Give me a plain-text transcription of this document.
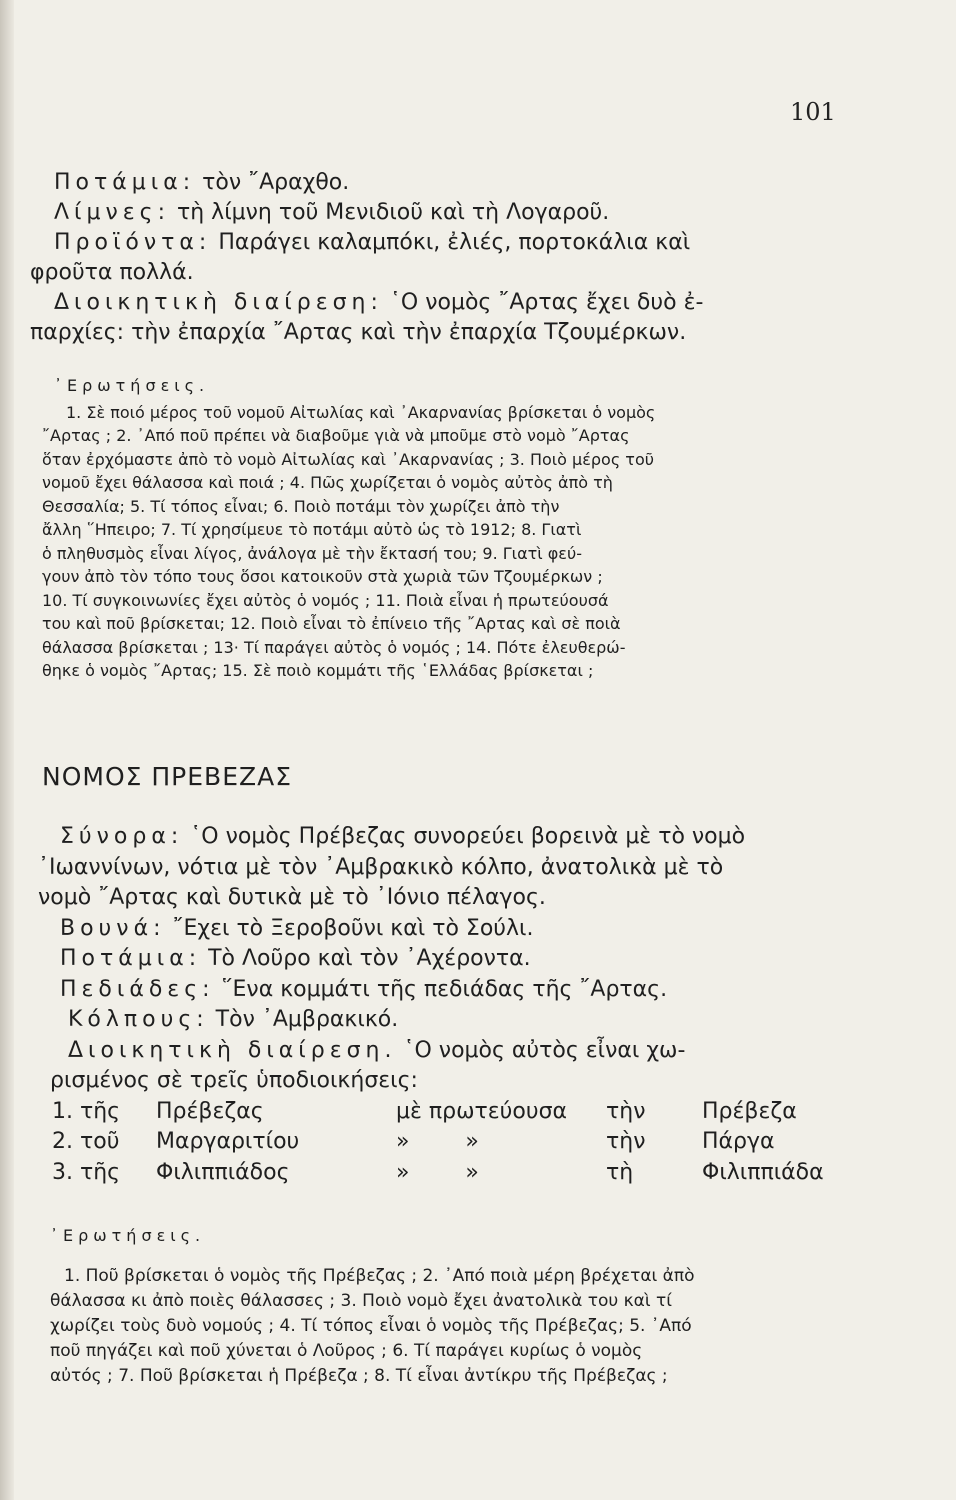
101
Ποτάμια: τὸν ῎Αραχθο.
Λίμνες: τὴ λίμνη τοῦ Μενιδιοῦ καὶ τὴ Λογαροῦ.
Προϊόντα: Παράγει καλαμπόκι, ἐλιές, πορτοκάλια καὶ
φροῦτα πολλά.
Διοικητικὴ διαίρεση: ῾Ο νομὸς ῎Αρτας ἔχει δυὸ ἐ-
παρχίες: τὴν ἐπαρχία ῎Αρτας καὶ τὴν ἐπαρχία Τζουμέρκων.
᾿Ερωτήσεις.
1. Σὲ ποιό μέρος τοῦ νομοῦ Αἰτωλίας καὶ ᾿Ακαρνανίας βρίσκεται ὁ νομὸς
῎Αρτας ; 2. ᾿Από ποῦ πρέπει νὰ διαβοῦμε γιὰ νὰ μποῦμε στὸ νομὸ ῎Αρτας
ὅταν ἐρχόμαστε ἀπὸ τὸ νομὸ Αἰτωλίας καὶ ᾿Ακαρνανίας ; 3. Ποιὸ μέρος τοῦ
νομοῦ ἔχει θάλασσα καὶ ποιά ; 4. Πῶς χωρίζεται ὁ νομὸς αὐτὸς ἀπὸ τὴ
Θεσσαλία; 5. Τί τόπος εἶναι; 6. Ποιὸ ποτάμι τὸν χωρίζει ἀπὸ τὴν
ἄλλη ῞Ηπειρο; 7. Τί χρησίμευε τὸ ποτάμι αὐτὸ ὡς τὸ 1912; 8. Γιατὶ
ὁ πληθυσμὸς εἶναι λίγος, ἀνάλογα μὲ τὴν ἔκτασή του; 9. Γιατὶ φεύ-
γουν ἀπὸ τὸν τόπο τους ὅσοι κατοικοῦν στὰ χωριὰ τῶν Τζουμέρκων ;
10. Τί συγκοινωνίες ἔχει αὐτὸς ὁ νομός ; 11. Ποιὰ εἶναι ἡ πρωτεύουσά
του καὶ ποῦ βρίσκεται; 12. Ποιὸ εἶναι τὸ ἐπίνειο τῆς ῎Αρτας καὶ σὲ ποιὰ
θάλασσα βρίσκεται ; 13· Τί παράγει αὐτὸς ὁ νομός ; 14. Πότε ἐλευθερώ-
θηκε ὁ νομὸς ῎Αρτας; 15. Σὲ ποιὸ κομμάτι τῆς ῾Ελλάδας βρίσκεται ;
ΝΟΜΟΣ ΠΡΕΒΕΖΑΣ
Σύνορα: ῾Ο νομὸς Πρέβεζας συνορεύει βορεινὰ μὲ τὸ νομὸ
᾿Ιωαννίνων, νότια μὲ τὸν ᾿Αμβρακικὸ κόλπο, ἀνατολικὰ μὲ τὸ
νομὸ ῎Αρτας καὶ δυτικὰ μὲ τὸ ᾿Ιόνιο πέλαγος.
Βουνά: ῎Εχει τὸ Ξεροβοῦνι καὶ τὸ Σούλι.
Ποτάμια: Τὸ Λοῦρο καὶ τὸν ᾿Αχέροντα.
Πεδιάδες: ῞Ενα κομμάτι τῆς πεδιάδας τῆς ῎Αρτας.
Κόλπους: Τὸν ᾿Αμβρακικό.
Διοικητικὴ διαίρεση. ῾Ο νομὸς αὐτὸς εἶναι χω-
ρισμένος σὲ τρεῖς ὑποδιοικήσεις:
1. τῆς	Πρέβεζας	μὲ πρωτεύουσα	τὴν	Πρέβεζα
2. τοῦ	Μαργαριτίου	»        »	τὴν	Πάργα
3. τῆς	Φιλιππιάδος	»        »	τὴ	Φιλιππιάδα
᾿Ερωτήσεις.
1. Ποῦ βρίσκεται ὁ νομὸς τῆς Πρέβεζας ; 2. ᾿Από ποιὰ μέρη βρέχεται ἀπὸ
θάλασσα κι ἀπὸ ποιὲς θάλασσες ; 3. Ποιὸ νομὸ ἔχει ἀνατολικὰ του καὶ τί
χωρίζει τοὺς δυὸ νομούς ; 4. Τί τόπος εἶναι ὁ νομὸς τῆς Πρέβεζας; 5. ᾿Από
ποῦ πηγάζει καὶ ποῦ χύνεται ὁ Λοῦρος ; 6. Τί παράγει κυρίως ὁ νομὸς
αὐτός ; 7. Ποῦ βρίσκεται ἡ Πρέβεζα ; 8. Τί εἶναι ἀντίκρυ τῆς Πρέβεζας ;
